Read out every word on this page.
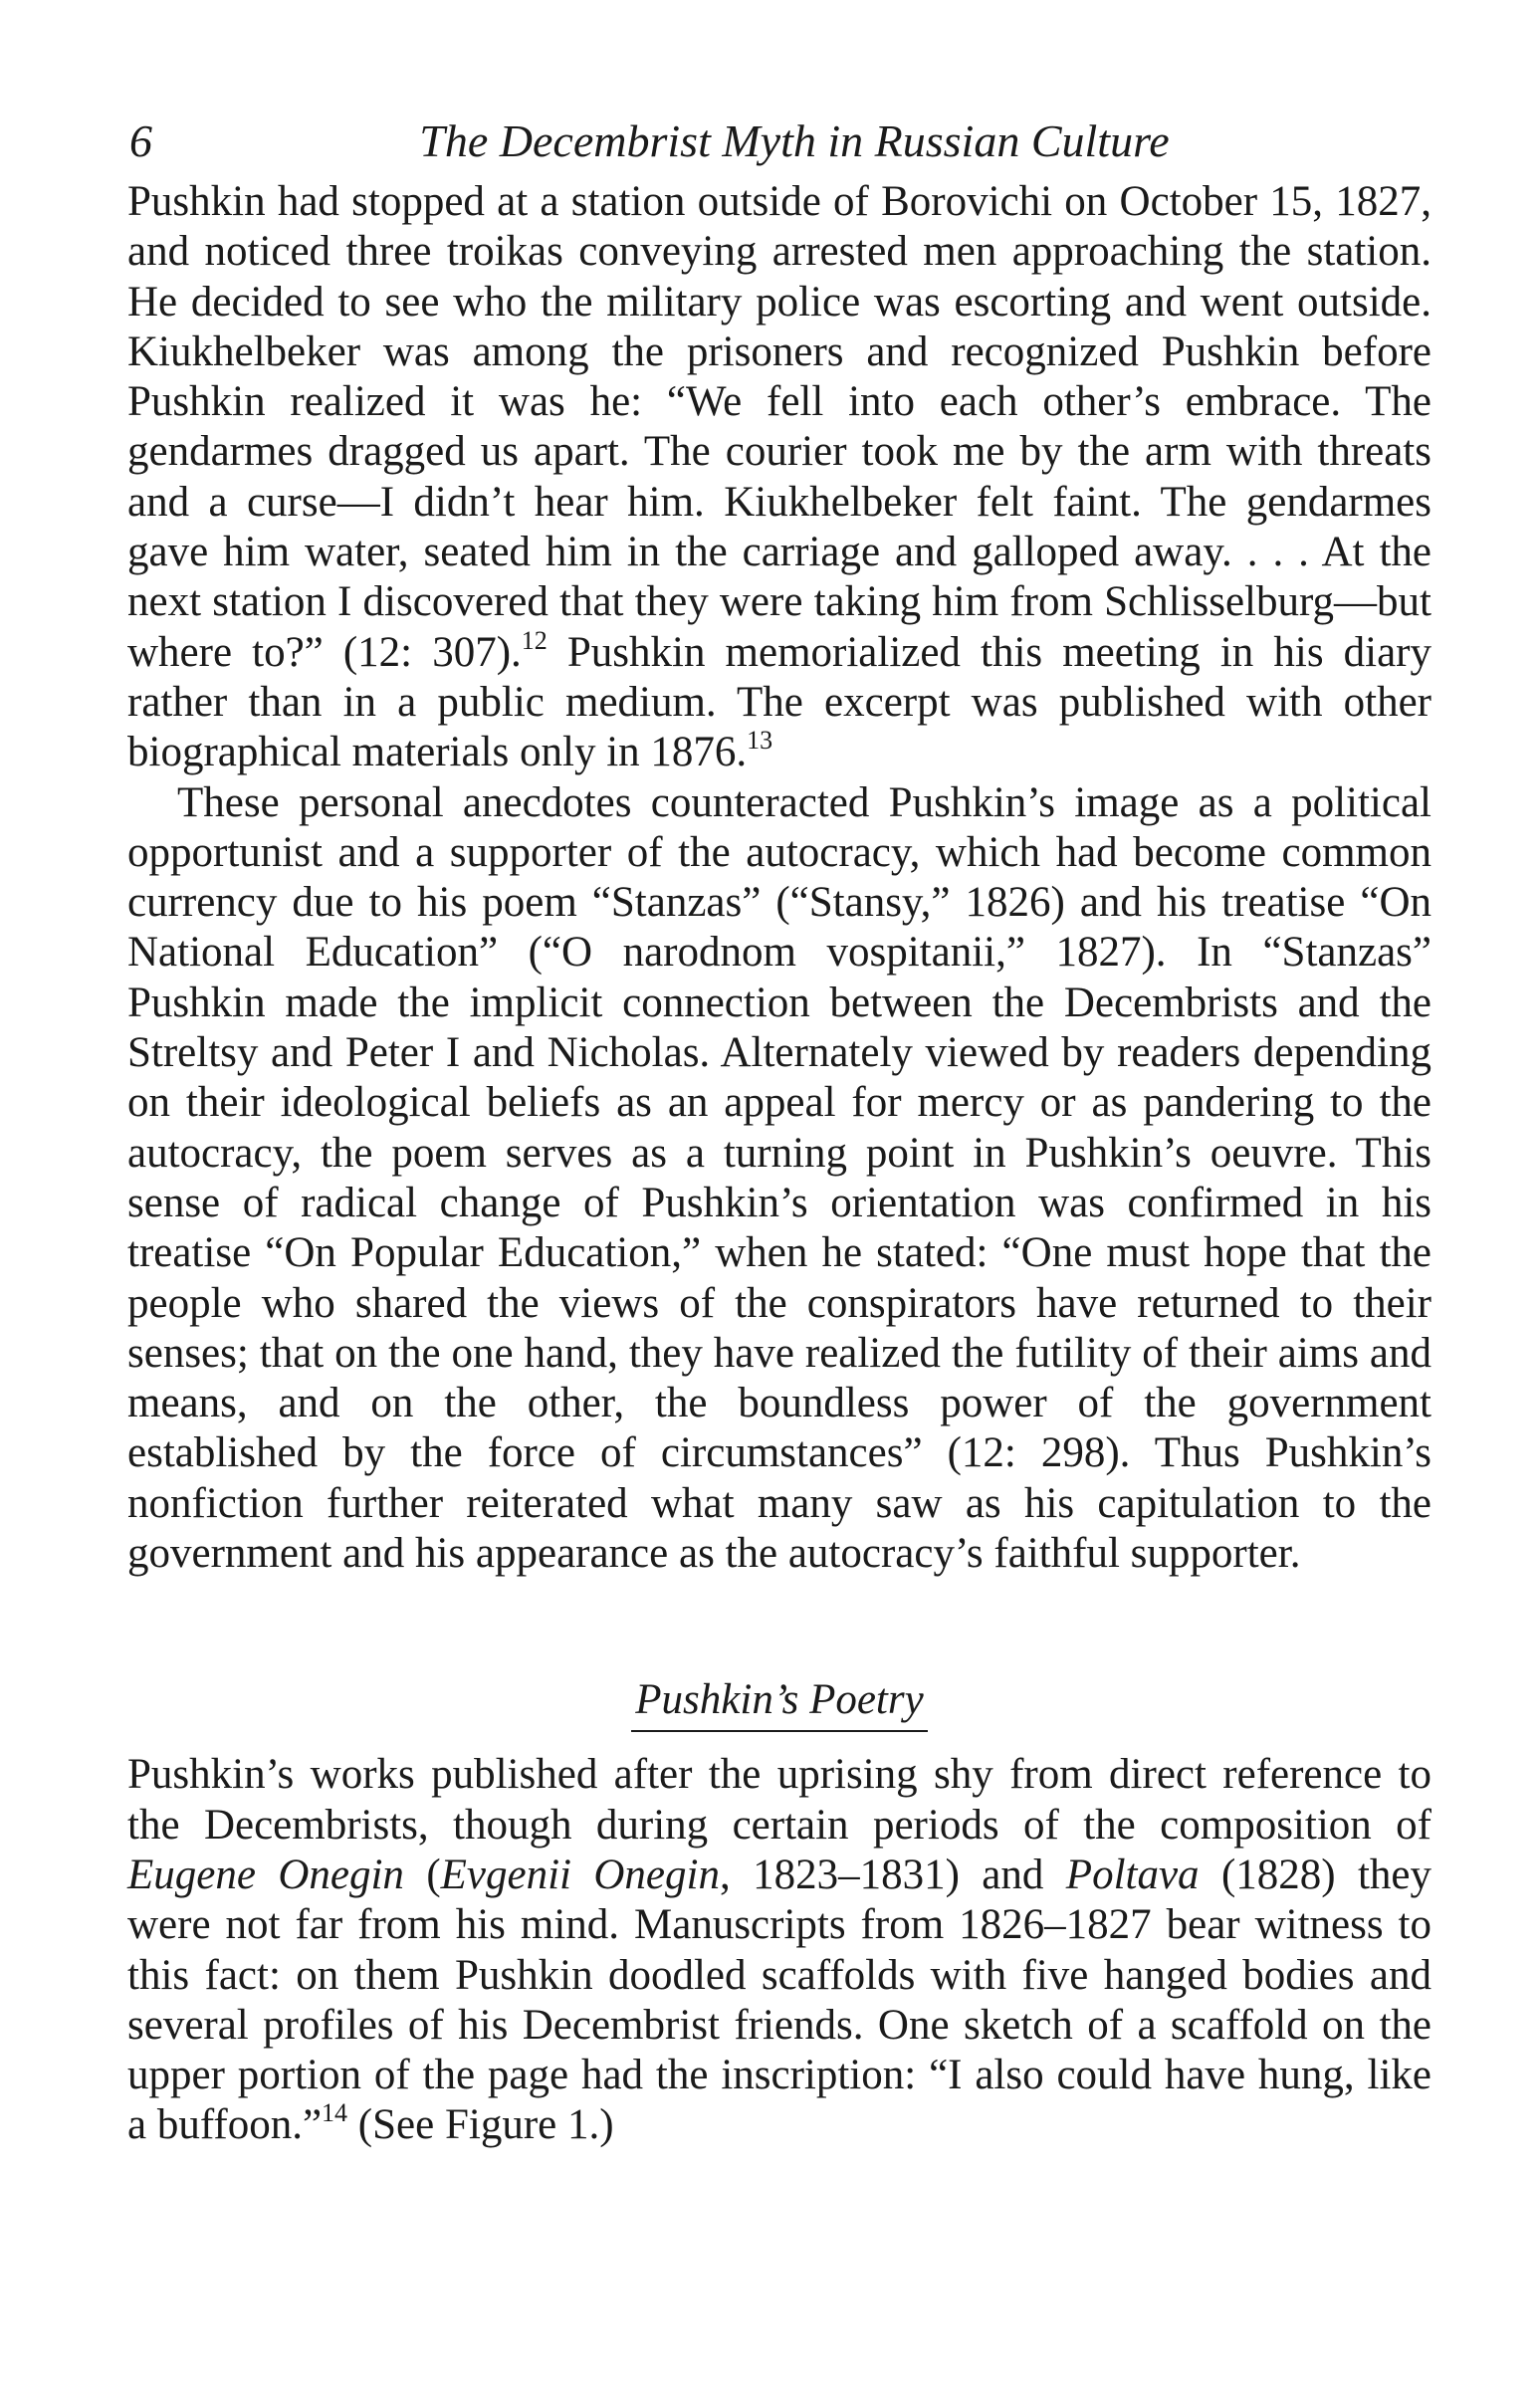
6	The Decembrist Myth in Russian Culture

Pushkin had stopped at a station outside of Borovichi on October 15, 1827, and noticed three troikas conveying arrested men approaching the station. He decided to see who the military police was escorting and went outside. Kiukhelbeker was among the prisoners and recognized Pushkin before Pushkin realized it was he: “We fell into each other’s embrace. The gendarmes dragged us apart. The courier took me by the arm with threats and a curse—I didn’t hear him. Kiukhelbeker felt faint. The gendarmes gave him water, seated him in the carriage and galloped away. . . . At the next station I discovered that they were taking him from Schlisselburg—but where to?” (12: 307).$^{12}$ Pushkin memorialized this meeting in his diary rather than in a public medium. The excerpt was published with other biographical materials only in 1876.13

These personal anecdotes counteracted Pushkin’s image as a political opportunist and a supporter of the autocracy, which had become common currency due to his poem “Stanzas” (“Stansy,” 1826) and his treatise “On National Education” (“O narodnom vospitanii,” 1827). In “Stanzas” Pushkin made the implicit connection between the Decembrists and the Streltsy and Peter I and Nicholas. Alternately viewed by readers depending on their ideological beliefs as an appeal for mercy or as pandering to the autocracy, the poem serves as a turning point in Pushkin’s oeuvre. This sense of radical change of Pushkin’s orientation was confirmed in his treatise “On Popular Education,” when he stated: “One must hope that the people who shared the views of the conspirators have returned to their senses; that on the one hand, they have realized the futility of their aims and means, and on the other, the boundless power of the government established by the force of circumstances” (12: 298). Thus Pushkin’s nonfiction further reiterated what many saw as his capitulation to the government and his appearance as the autocracy’s faithful supporter.

Pushkin’s Poetry

Pushkin’s works published after the uprising shy from direct reference to the Decembrists, though during certain periods of the composition of Eugene Onegin (Evgenii Onegin, 1823–1831) and Poltava (1828) they were not far from his mind. Manuscripts from 1826–1827 bear witness to this fact: on them Pushkin doodled scaffolds with five hanged bodies and several profiles of his Decembrist friends. One sketch of a scaffold on the upper portion of the page had the inscription: “I also could have hung, like a buffoon.”$^{14}$ (See Figure 1.)
